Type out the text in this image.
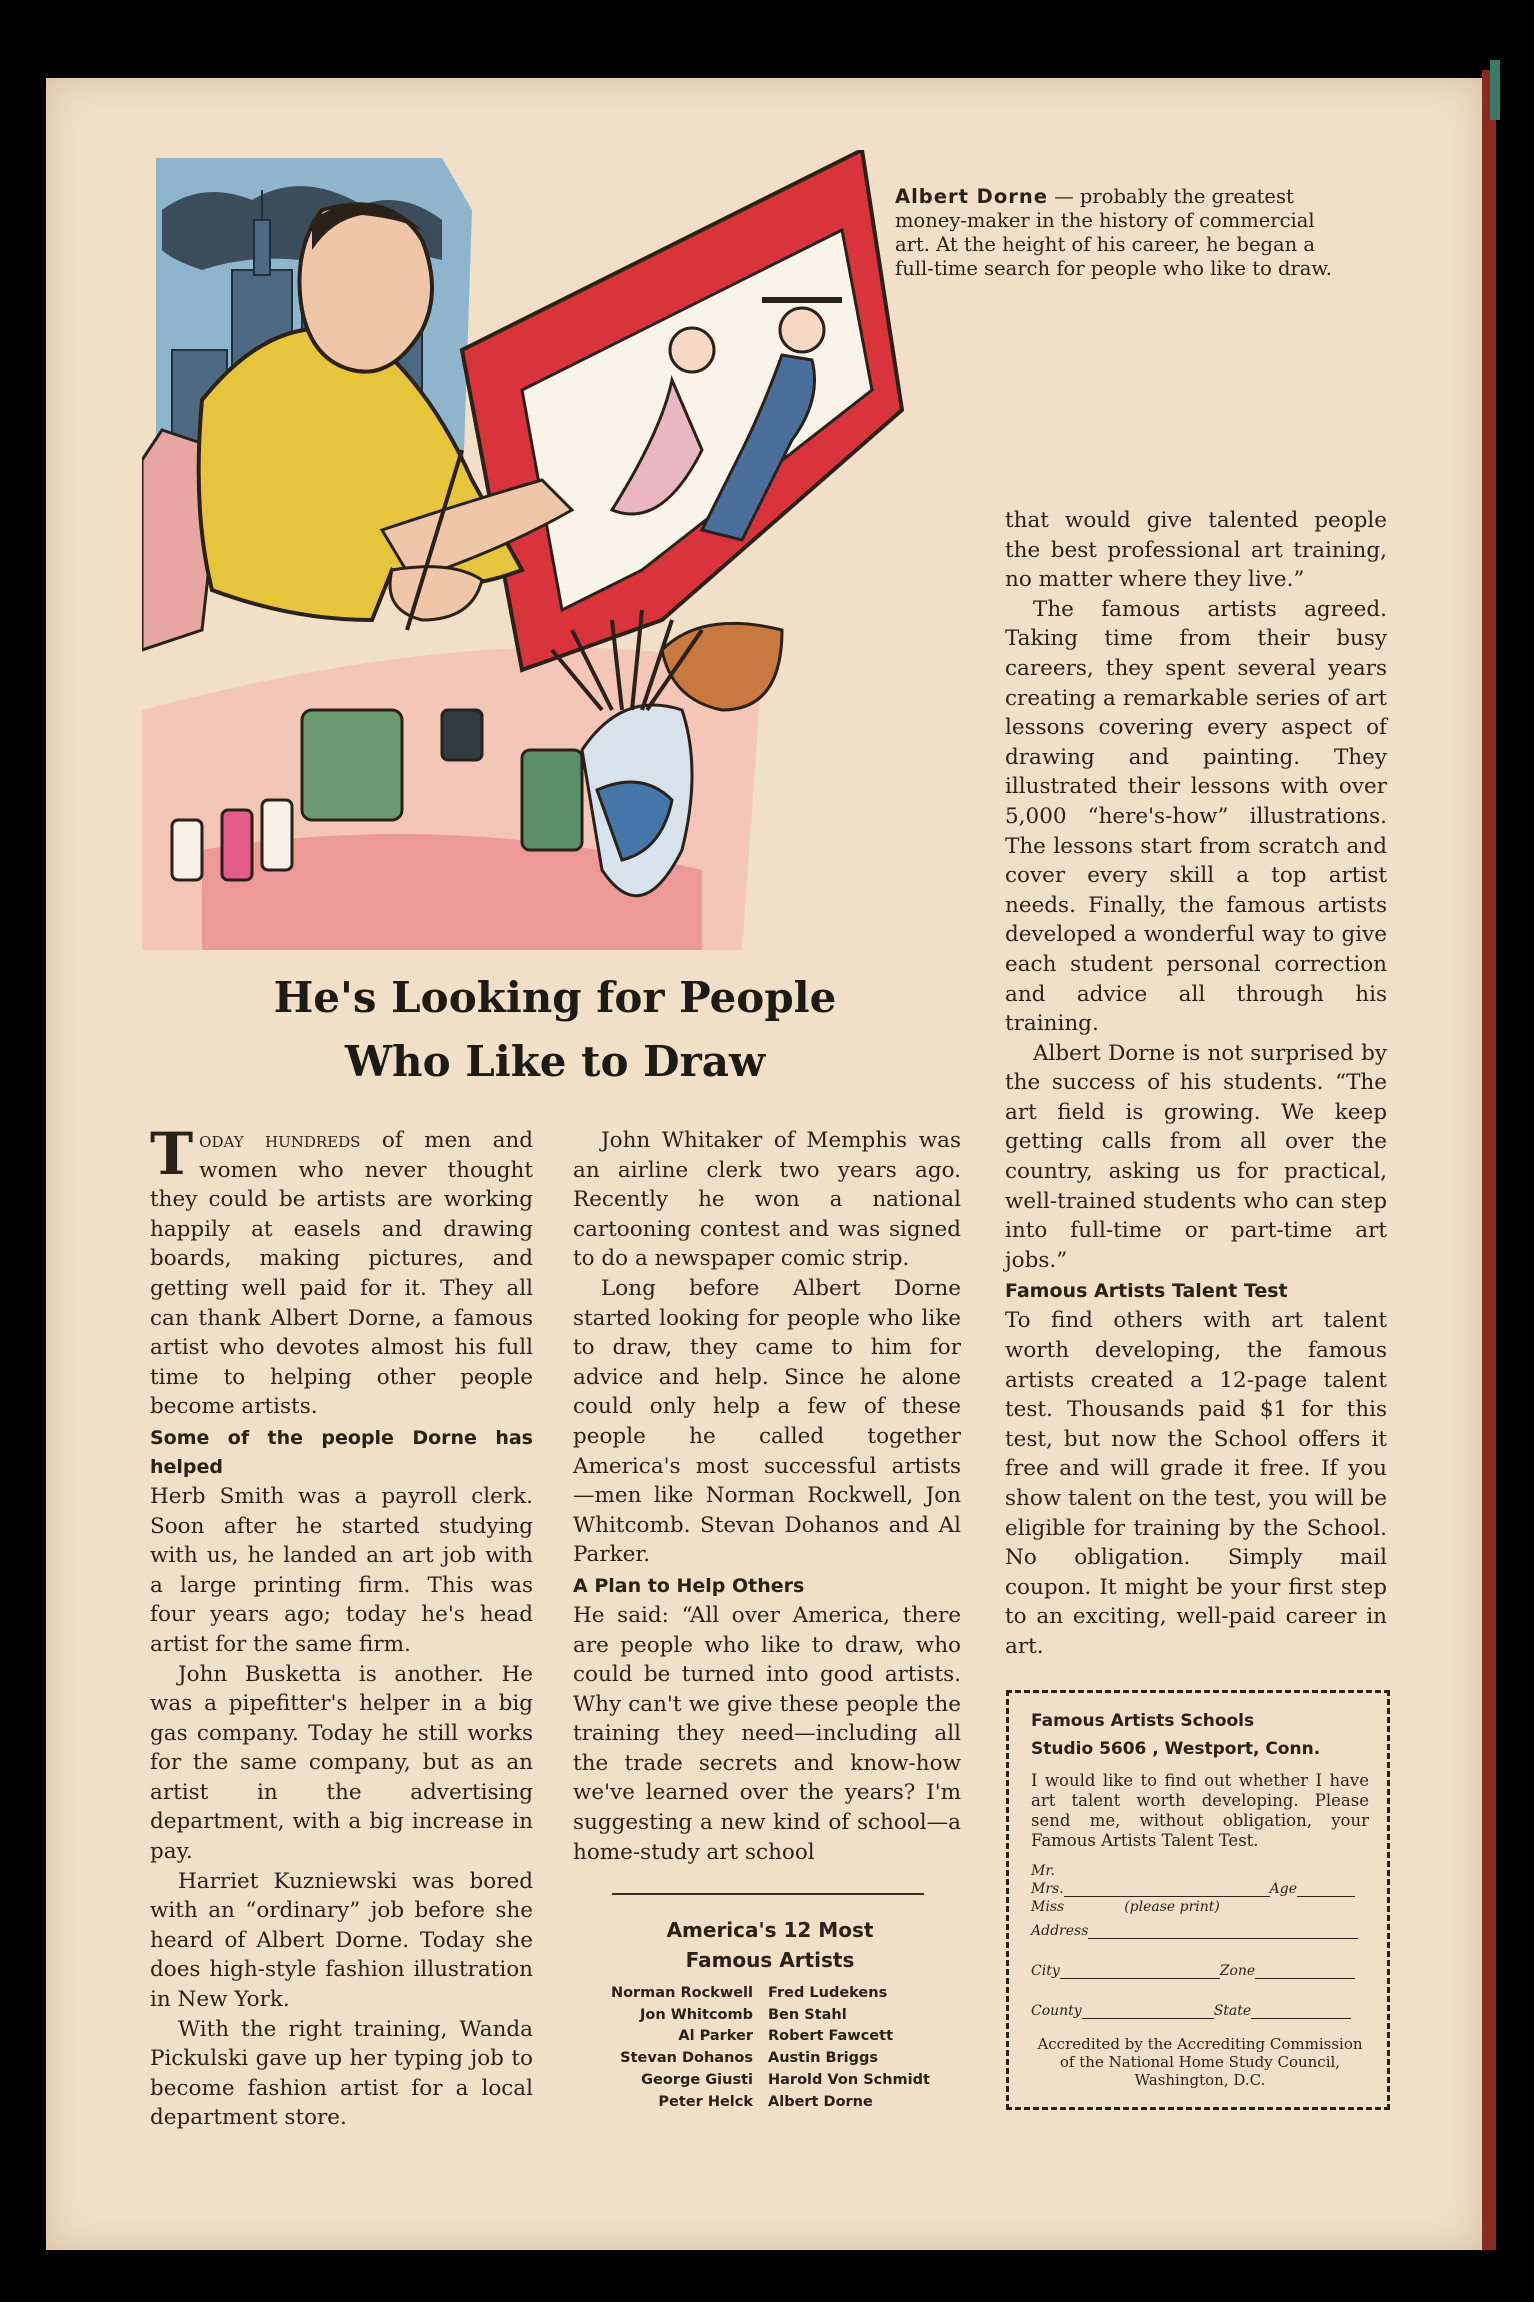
Albert Dorne — probably the greatest money-maker in the history of commercial art. At the height of his career, he began a full-time search for people who like to draw.
He's Looking for People
Who Like to Draw

Today hundreds of men and women who never thought they could be artists are working happily at easels and drawing boards, making pictures, and getting well paid for it. They all can thank Albert Dorne, a famous artist who devotes almost his full time to helping other people become artists.

Some of the people Dorne has helped

Herb Smith was a payroll clerk. Soon after he started studying with us, he landed an art job with a large printing firm. This was four years ago; today he's head artist for the same firm.

John Busketta is another. He was a pipefitter's helper in a big gas company. Today he still works for the same company, but as an artist in the advertising department, with a big increase in pay.

Harriet Kuzniewski was bored with an “ordinary” job before she heard of Albert Dorne. Today she does high-style fashion illustration in New York.

With the right training, Wanda Pickulski gave up her typing job to become fashion artist for a local department store.

John Whitaker of Memphis was an airline clerk two years ago. Recently he won a national cartooning contest and was signed to do a newspaper comic strip.

Long before Albert Dorne started looking for people who like to draw, they came to him for advice and help. Since he alone could only help a few of these people he called together America's most successful artists —men like Norman Rockwell, Jon Whitcomb. Stevan Dohanos and Al Parker.

A Plan to Help Others

He said: “All over America, there are people who like to draw, who could be turned into good artists. Why can't we give these people the training they need—including all the trade secrets and know-how we've learned over the years? I'm suggesting a new kind of school—a home-study art school

that would give talented people the best professional art training, no matter where they live.”

The famous artists agreed. Taking time from their busy careers, they spent several years creating a remarkable series of art lessons covering every aspect of drawing and painting. They illustrated their lessons with over 5,000 “here's-how” illustrations. The lessons start from scratch and cover every skill a top artist needs. Finally, the famous artists developed a wonderful way to give each student personal correction and advice all through his training.

Albert Dorne is not surprised by the success of his students. “The art field is growing. We keep getting calls from all over the country, asking us for practical, well-trained students who can step into full-time or part-time art jobs.”

Famous Artists Talent Test

To find others with art talent worth developing, the famous artists created a 12-page talent test. Thousands paid $1 for this test, but now the School offers it free and will grade it free. If you show talent on the test, you will be eligible for training by the School. No obligation. Simply mail coupon. It might be your first step to an exciting, well-paid career in art.

America's 12 Most
Famous Artists
Norman Rockwell	Fred Ludekens
Jon Whitcomb	Ben Stahl
Al Parker	Robert Fawcett
Stevan Dohanos	Austin Briggs
George Giusti	Harold Von Schmidt
Peter Helck	Albert Dorne
Famous Artists Schools
Studio 5606 , Westport, Conn.
I would like to find out whether I have art talent worth developing. Please send me, without obligation, your Famous Artists Talent Test.
Mr.
Mrs.	Age
Miss	(please print)
Address
City	Zone
County	State
Accredited by the Accrediting Commission of the National Home Study Council, Washington, D.C.
